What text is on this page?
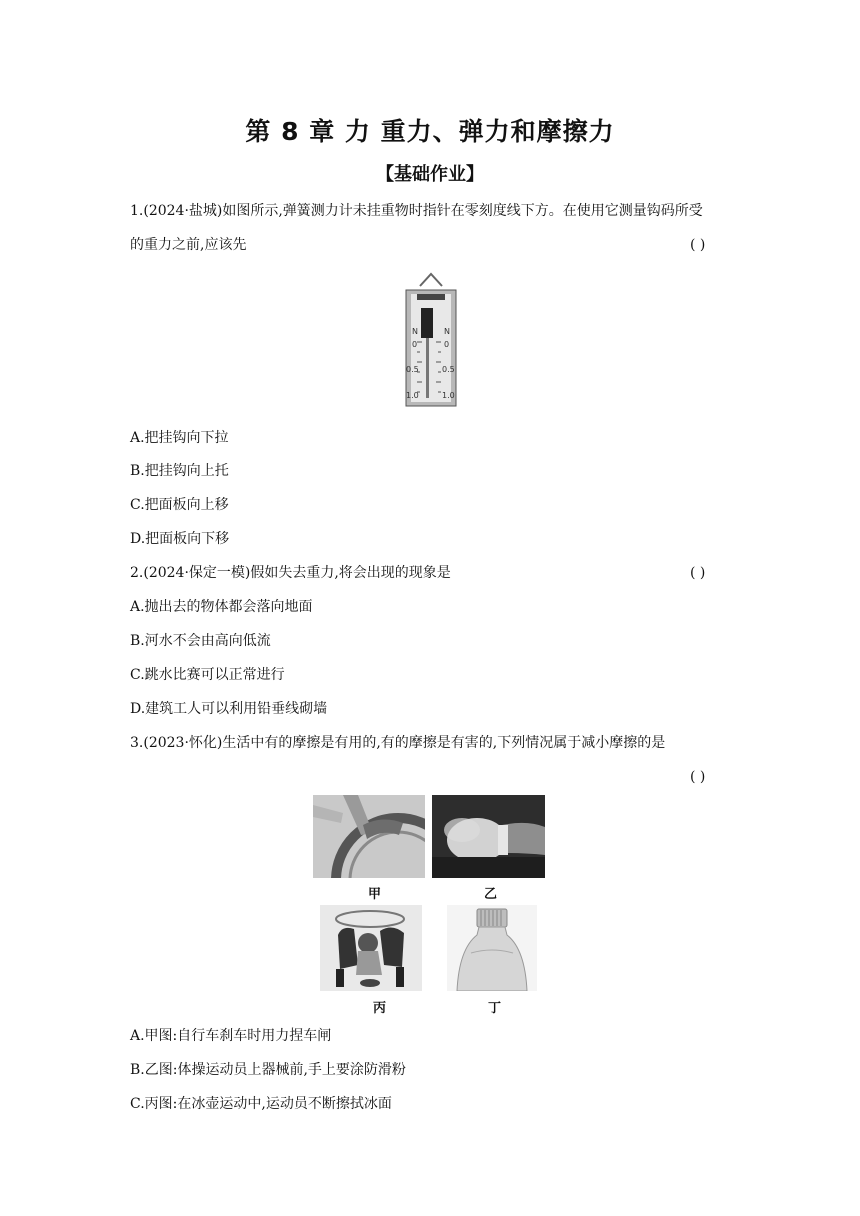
第 8 章 力 重力、弹力和摩擦力
【基础作业】
1.(2024·盐城)如图所示,弹簧测力计未挂重物时指针在零刻度线下方。在使用它测量钩码所受
的重力之前,应该先	( )
N	N
0	0
0.5	0.5
1.0	1.0
A.把挂钩向下拉
B.把挂钩向上托
C.把面板向上移
D.把面板向下移
2.(2024·保定一模)假如失去重力,将会出现的现象是	( )
A.抛出去的物体都会落向地面
B.河水不会由高向低流
C.跳水比赛可以正常进行
D.建筑工人可以利用铅垂线砌墙
3.(2023·怀化)生活中有的摩擦是有用的,有的摩擦是有害的,下列情况属于减小摩擦的是
( )
甲	乙
丙	丁
A.甲图:自行车刹车时用力捏车闸
B.乙图:体操运动员上器械前,手上要涂防滑粉
C.丙图:在冰壶运动中,运动员不断擦拭冰面
